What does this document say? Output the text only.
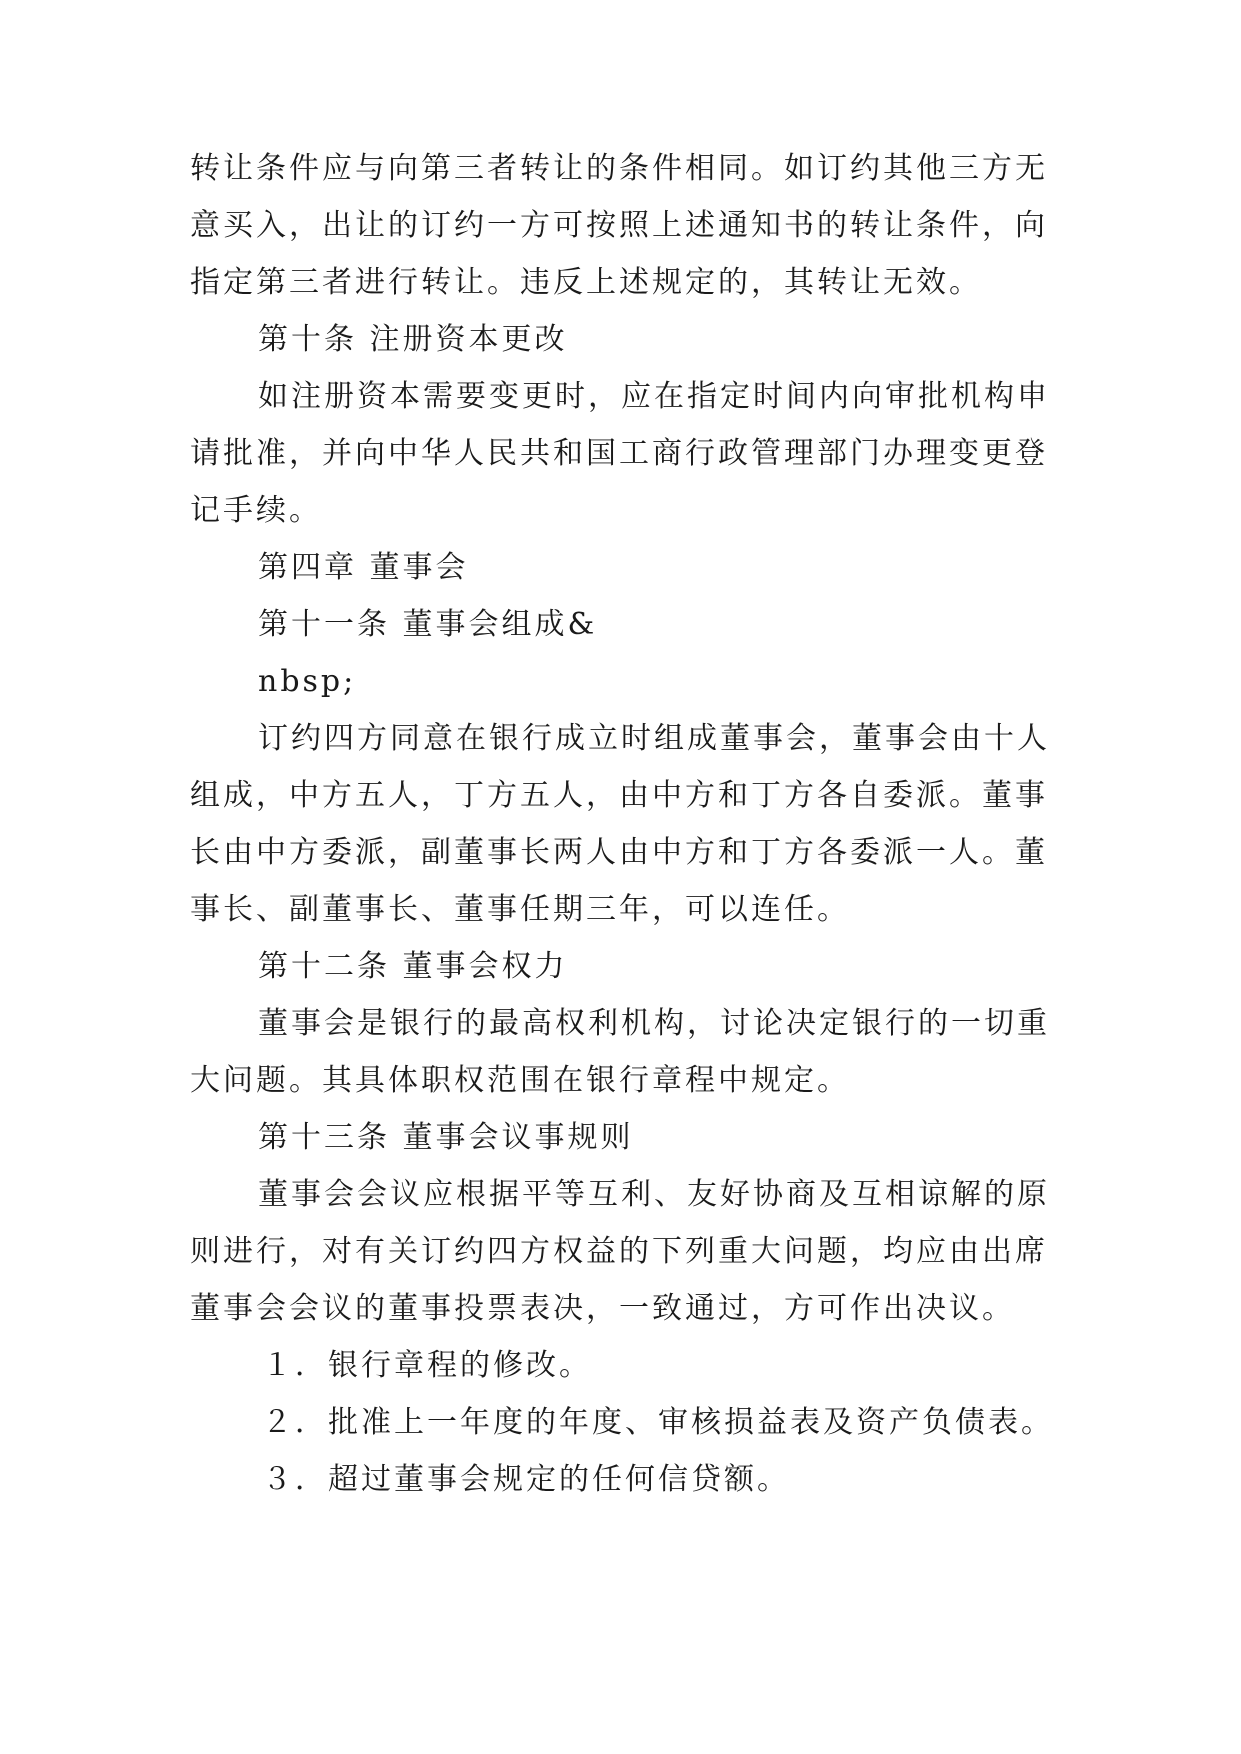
转让条件应与向第三者转让的条件相同。如订约其他三方无
意买入，出让的订约一方可按照上述通知书的转让条件，向
指定第三者进行转让。违反上述规定的，其转让无效。
第十条 注册资本更改
如注册资本需要变更时，应在指定时间内向审批机构申
请批准，并向中华人民共和国工商行政管理部门办理变更登
记手续。
第四章 董事会
第十一条 董事会组成&
nbsp;
订约四方同意在银行成立时组成董事会，董事会由十人
组成，中方五人，丁方五人，由中方和丁方各自委派。董事
长由中方委派，副董事长两人由中方和丁方各委派一人。董
事长、副董事长、董事任期三年，可以连任。
第十二条 董事会权力
董事会是银行的最高权利机构，讨论决定银行的一切重
大问题。其具体职权范围在银行章程中规定。
第十三条 董事会议事规则
董事会会议应根据平等互利、友好协商及互相谅解的原
则进行，对有关订约四方权益的下列重大问题，均应由出席
董事会会议的董事投票表决，一致通过，方可作出决议。
１．银行章程的修改。
２．批准上一年度的年度、审核损益表及资产负债表。
３．超过董事会规定的任何信贷额。
